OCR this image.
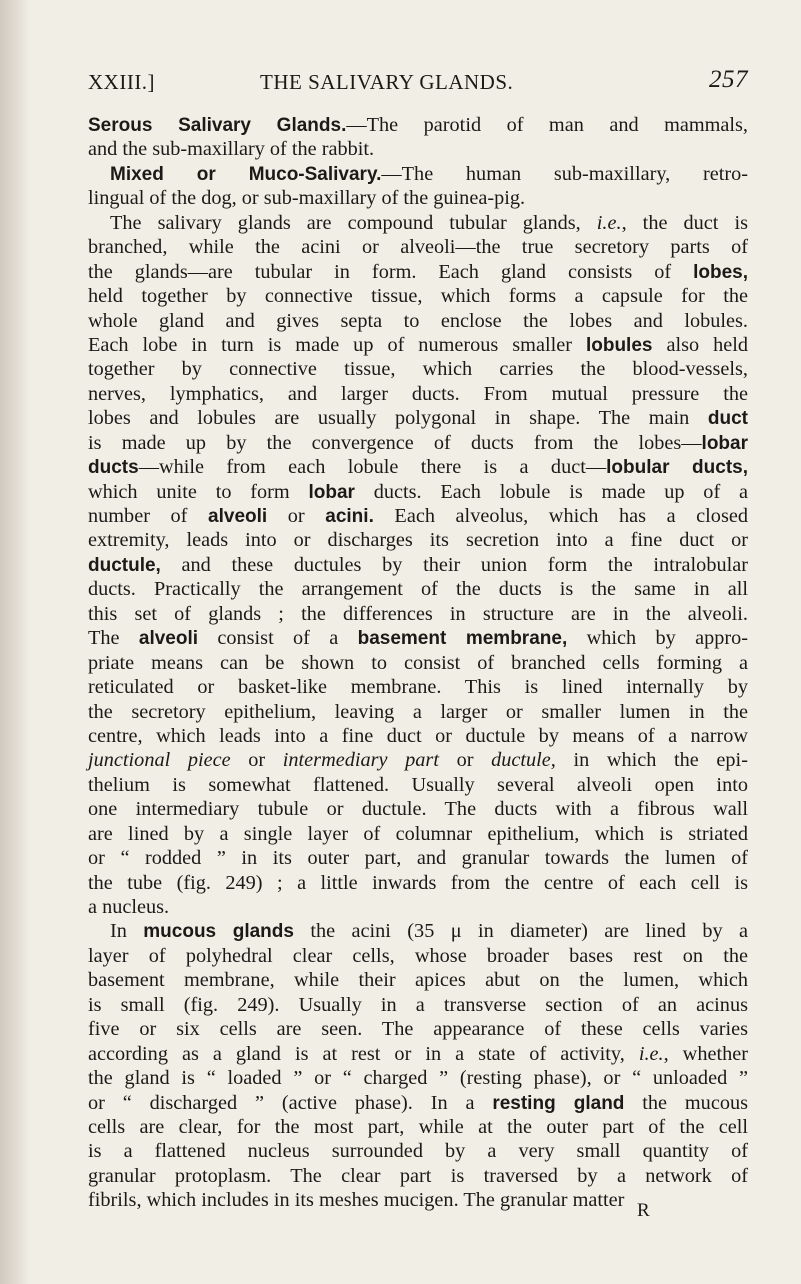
XXIII.]	THE SALIVARY GLANDS.	257
Serous Salivary Glands.—The parotid of man and mammals,
and the sub-maxillary of the rabbit.
Mixed or Muco-Salivary.—The human sub-maxillary, retro-
lingual of the dog, or sub-maxillary of the guinea-pig.
The salivary glands are compound tubular glands, i.e., the duct is
branched, while the acini or alveoli—the true secretory parts of
the glands—are tubular in form. Each gland consists of lobes,
held together by connective tissue, which forms a capsule for the
whole gland and gives septa to enclose the lobes and lobules.
Each lobe in turn is made up of numerous smaller lobules also held
together by connective tissue, which carries the blood-vessels,
nerves, lymphatics, and larger ducts. From mutual pressure the
lobes and lobules are usually polygonal in shape. The main duct
is made up by the convergence of ducts from the lobes—lobar
ducts—while from each lobule there is a duct—lobular ducts,
which unite to form lobar ducts. Each lobule is made up of a
number of alveoli or acini. Each alveolus, which has a closed
extremity, leads into or discharges its secretion into a fine duct or
ductule, and these ductules by their union form the intralobular
ducts. Practically the arrangement of the ducts is the same in all
this set of glands ; the differences in structure are in the alveoli.
The alveoli consist of a basement membrane, which by appro-
priate means can be shown to consist of branched cells forming a
reticulated or basket-like membrane. This is lined internally by
the secretory epithelium, leaving a larger or smaller lumen in the
centre, which leads into a fine duct or ductule by means of a narrow
junctional piece or intermediary part or ductule, in which the epi-
thelium is somewhat flattened. Usually several alveoli open into
one intermediary tubule or ductule. The ducts with a fibrous wall
are lined by a single layer of columnar epithelium, which is striated
or “ rodded ” in its outer part, and granular towards the lumen of
the tube (fig. 249) ; a little inwards from the centre of each cell is
a nucleus.
In mucous glands the acini (35 μ in diameter) are lined by a
layer of polyhedral clear cells, whose broader bases rest on the
basement membrane, while their apices abut on the lumen, which
is small (fig. 249). Usually in a transverse section of an acinus
five or six cells are seen. The appearance of these cells varies
according as a gland is at rest or in a state of activity, i.e., whether
the gland is “ loaded ” or “ charged ” (resting phase), or “ unloaded ”
or “ discharged ” (active phase). In a resting gland the mucous
cells are clear, for the most part, while at the outer part of the cell
is a flattened nucleus surrounded by a very small quantity of
granular protoplasm. The clear part is traversed by a network of
fibrils, which includes in its meshes mucigen. The granular matter R
